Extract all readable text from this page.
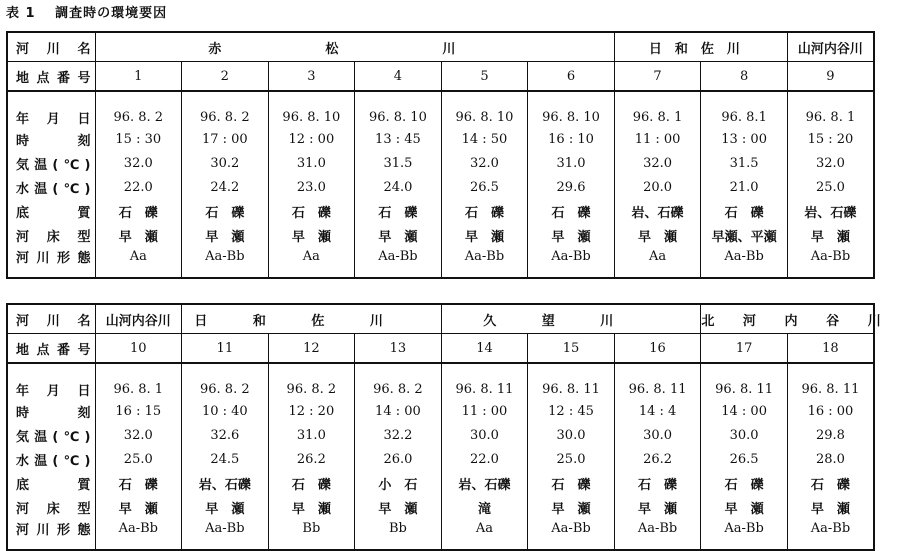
表 1 　調査時の環境要因
河川名	赤　松　川						日和佐川		山河内谷川
地点番号	1	2	3	4	5	6	7	8	9
年月日	96. 8. 2	96. 8. 2	96. 8. 10	96. 8. 10	96. 8. 10	96. 8. 10	96. 8. 1	96. 8.1	96. 8. 1
時刻	15 : 30	17 : 00	12 : 00	13 : 45	14 : 50	16 : 10	11 : 00	13 : 00	15 : 20
気温(℃)	32.0	30.2	31.0	31.5	32.0	31.0	32.0	31.5	32.0
水温(℃)	22.0	24.2	23.0	24.0	26.5	29.6	20.0	21.0	25.0
底質	石　礫	石　礫	石　礫	石　礫	石　礫	石　礫	岩、石礫	石　礫	岩、石礫
河床型	早　瀬	早　瀬	早　瀬	早　瀬	早　瀬	早　瀬	早　瀬	早瀬、平瀬	早　瀬
河川形態	Aa	Aa-Bb	Aa	Aa-Bb	Aa-Bb	Aa-Bb	Aa	Aa-Bb	Aa-Bb
河川名	山河内谷川	日和佐川			久望川			北河内谷川	
地点番号	10	11	12	13	14	15	16	17	18
年月日	96. 8. 1	96. 8. 2	96. 8. 2	96. 8. 2	96. 8. 11	96. 8. 11	96. 8. 11	96. 8. 11	96. 8. 11
時刻	16 : 15	10 : 40	12 : 20	14 : 00	11 : 00	12 : 45	14 : 4	14 : 00	16 : 00
気温(℃)	32.0	32.6	31.0	32.2	30.0	30.0	30.0	30.0	29.8
水温(℃)	25.0	24.5	26.2	26.0	22.0	25.0	26.2	26.5	28.0
底質	石　礫	岩、石礫	石　礫	小　石	岩、石礫	石　礫	石　礫	石　礫	石　礫
河床型	早　瀬	早　瀬	早　瀬	早　瀬	滝	早　瀬	早　瀬	早　瀬	早　瀬
河川形態	Aa-Bb	Aa-Bb	Bb	Bb	Aa	Aa-Bb	Aa-Bb	Aa-Bb	Aa-Bb
